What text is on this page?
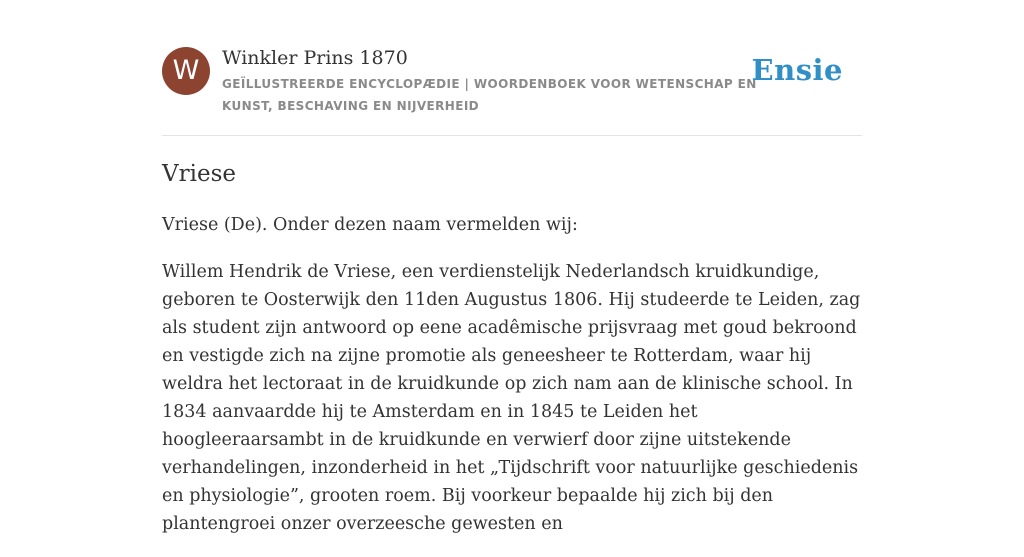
W	Winkler Prins 1870
GEÏLLUSTREERDE ENCYCLOPÆDIE | WOORDENBOEK VOOR WETENSCHAP EN KUNST, BESCHAVING EN NIJVERHEID
Ensie
Vriese

Vriese (De). Onder dezen naam vermelden wij:

Willem Hendrik de Vriese, een verdienstelijk Nederlandsch kruidkundige, geboren te Oosterwijk den 11den Augustus 1806. Hij studeerde te Leiden, zag als student zijn antwoord op eene acadêmische prijsvraag met goud bekroond en vestigde zich na zijne promotie als geneesheer te Rotterdam, waar hij weldra het lectoraat in de kruidkunde op zich nam aan de klinische school. In 1834 aanvaardde hij te Amsterdam en in 1845 te Leiden het hoogleeraarsambt in de kruidkunde en verwierf door zijne uitstekende verhandelingen, inzonderheid in het „Tijdschrift voor natuurlijke geschiedenis en physiologie”, grooten roem. Bij voorkeur bepaalde hij zich bij den plantengroei onzer overzeesche gewesten en
